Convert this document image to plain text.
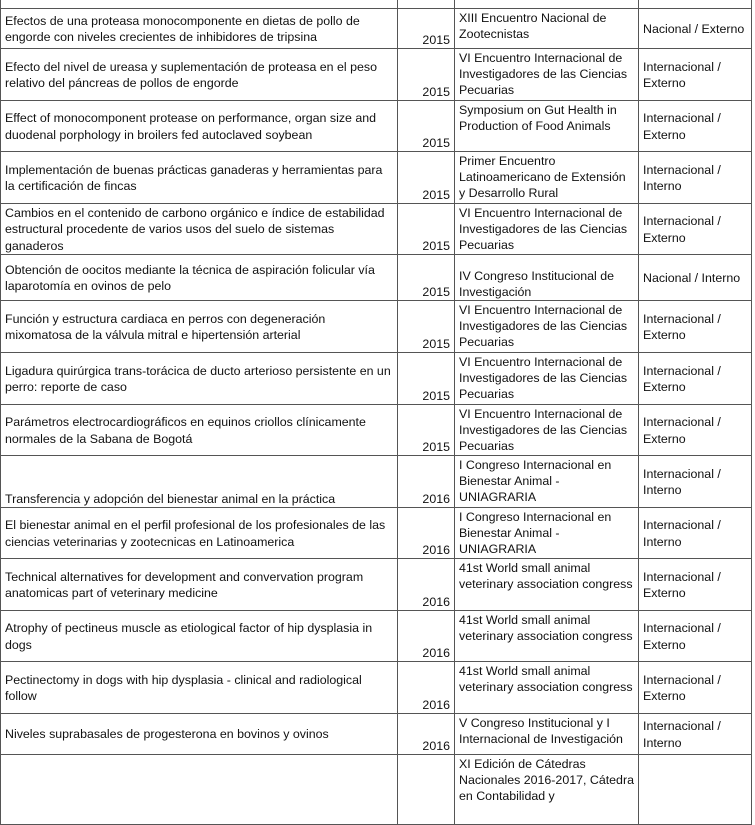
Efectos de una proteasa monocomponente en dietas de pollo de engorde con niveles crecientes de inhibidores de tripsina	2015	XIII Encuentro Nacional de Zootecnistas	Nacional / Externo
Efecto del nivel de ureasa y suplementación de proteasa en el peso relativo del páncreas de pollos de engorde	2015	VI Encuentro Internacional de Investigadores de las Ciencias Pecuarias	Internacional / Externo
Effect of monocomponent protease on performance, organ size and duodenal porphology in broilers fed autoclaved soybean	2015	Symposium on Gut Health in Production of Food Animals	Internacional / Externo
Implementación de buenas prácticas ganaderas y herramientas para la certificación de fincas	2015	Primer Encuentro Latinoamericano de Extensión y Desarrollo Rural	Internacional / Interno
Cambios en el contenido de carbono orgánico e índice de estabilidad estructural procedente de varios usos del suelo de sistemas ganaderos	2015	VI Encuentro Internacional de Investigadores de las Ciencias Pecuarias	Internacional / Externo
Obtención de oocitos mediante la técnica de aspiración folicular vía laparotomía en ovinos de pelo	2015	IV Congreso Institucional de Investigación	Nacional / Interno
Función y estructura cardiaca en perros con degeneración mixomatosa de la válvula mitral e hipertensión arterial	2015	VI Encuentro Internacional de Investigadores de las Ciencias Pecuarias	Internacional / Externo
Ligadura quirúrgica trans-torácica de ducto arterioso persistente en un perro: reporte de caso	2015	VI Encuentro Internacional de Investigadores de las Ciencias Pecuarias	Internacional / Externo
Parámetros electrocardiográficos en equinos criollos clínicamente normales de la Sabana de Bogotá	2015	VI Encuentro Internacional de Investigadores de las Ciencias Pecuarias	Internacional / Externo
Transferencia y adopción del bienestar animal en la práctica	2016	I Congreso Internacional en Bienestar Animal - UNIAGRARIA	Internacional / Interno
El bienestar animal en el perfil profesional de los profesionales de las ciencias veterinarias y zootecnicas en Latinoamerica	2016	I Congreso Internacional en Bienestar Animal - UNIAGRARIA	Internacional / Interno
Technical alternatives for development and convervation program anatomicas part of veterinary medicine	2016	41st World small animal veterinary association congress	Internacional / Externo
Atrophy of pectineus muscle as etiological factor of hip dysplasia in dogs	2016	41st World small animal veterinary association congress	Internacional / Externo
Pectinectomy in dogs with hip dysplasia - clinical and radiological follow	2016	41st World small animal veterinary association congress	Internacional / Externo
Niveles suprabasales de progesterona en bovinos y ovinos	2016	V Congreso Institucional y I Internacional de Investigación	Internacional / Interno
		XI Edición de Cátedras Nacionales 2016-2017, Cátedra en Contabilidad y	
